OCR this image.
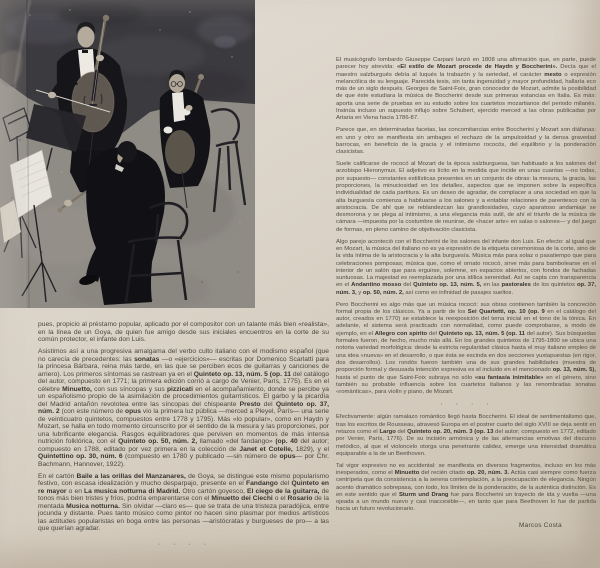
pues, propicio al préstamo popular, aplicado por el compositor con un talante más bien «realista», en la línea de un Goya, de quien fue amigo desde sus iniciales encuentros en la corte de su común protector, el infante don Luis.

Asistimos así a una progresiva amalgama del verbo culto italiano con el modismo español (que no carecía de precedentes: las sonatas —o «ejercicios»— escritas por Domenico Scarlatti para la princesa Bárbara, reina más tarde, en las que se perciben ecos de guitarras y canciones de arriero). Los primeros síntomas se rastrean ya en el Quinteto op. 13, núm. 5 (op. 11 del catálogo del autor, compuesto en 1771; la primera edición corrió a cargo de Venier, París, 1775). Es en el célebre Minuetto, con sus síncopas y sus pizzicati en el acompañamiento, donde se percibe ya un españolismo propio de la asimilación de procedimientos guitarrísticos. El garbo y la picardía del Madrid antañón revolotea entre las síncopas del chispeante Presto del Quinteto op. 37, núm. 2 (con este número de opus vio la primera luz pública —merced a Pleyel, París— una serie de veinticuatro quintetos, compuestos entre 1778 y 1795). Más «lo popular», como en Haydn y Mozart, se halla en todo momento circunscrito por el sentido de la mesura y las proporciones, por una lubrificante elegancia. Rasgos equilibradores que perviven en momentos de más intensa nutrición folklórica, con el Quinteto op. 50, núm. 2, llamado «del fandango» (op. 40 del autor; compuesto en 1788, editado por vez primera en la colección de Janet et Cotelle, 1829), y el Quintettino op. 30, núm. 6 (compuesto en 1780 y publicado —sin número de opus— por Chr. Bachmann, Hannover, 1922).

En el cartón Baile a las orillas del Manzanares, de Goya, se distingue este mismo popularismo festivo, con escasa idealización y mucho desparpajo, presente en el Fandango del Quinteto en re mayor o en La musica notturna di Madrid. Otro cartón goyesco, El ciego de la guitarra, de tonos más bien tristes y fríos, podría emparentarse con el Minuetto dei Ciechi o el Rosario de la mentada Musica notturna. Sin olvidar —claro es— que se trata de una tristeza paradójica, entre jocunda y distante. Pues tanto músico como pintor no hacen sino plasmar por medios artísticos las actitudes popularistas en boga entre las personas —aristócratas y burgueses de pro— a las que querían agradar.

· · · ·

El musicógrafo lombardo Giuseppe Carpani lanzó en 1808 una afirmación que, en parte, puede parecer hoy atrevida: «El estilo de Mozart procede de Haydn y Boccherini». Decía que el maestro salzburgués debía al luqués la trabazón y la seriedad, el carácter mesto o expresión melancólica de su lenguaje. Parecida tesis, sin tanta ingenuidad y mayor profundidad, hallaría eco más de un siglo después. Georges de Saint-Foix, gran conocedor de Mozart, admite la posibilidad de que éste estudiara la música de Boccherini desde sus primeras estancias en Italia. Es más: aporta una serie de pruebas en su estudio sobre los cuartetos mozartianos del periodo milanés. Insinúa incluso un supuesto influjo sobre Schubert, ejercido merced a las obras publicadas por Artaria en Viena hacia 1786-87.

Parece que, en determinadas facetas, las concomitancias entre Boccherini y Mozart son diáfanas: en uno y otro se manifiesta sin ambages el rechazo de la ampulosidad y la densa gravedad barrocas, en beneficio de la gracia y el intimismo rococós, del equilibrio y la ponderación clasicistas.

Suele calificarse de rococó al Mozart de la época salzburguesa, tan habituado a los salones del arzobispo Hieronymus. El adjetivo es lícito en la medida que incide en unas cuantas —no todas, por supuesto— constantes estilísticas presentes en un conjunto de obras: la mesura, la gracia, las proporciones, la minuciosidad en los detalles, aspectos que se imponen sobre la específica individualidad de cada partitura. Es un deseo de agradar, de complacer a una sociedad en que la alta burguesía comienza a habituarse a los salones y a entablar relaciones de parentesco con la aristocracia. De ahí que se reblandezcan las grandiosidades, cuyo aparatoso andamiaje se desmorona y se plega al intimismo, a una elegancia más sutil, de ahí el triunfo de la música de cámara —impuesta por la costumbre de reunirse, de «hacer arte» en salas o salones— y del juego de formas, en pleno camino de objetivación clasicista.

Algo parejo aconteció con el Boccherini de los salones del infante don Luis. En efecto: al igual que en Mozart, la música del italiano no es ya expresión de la etiqueta ceremoniosa de la corte, sino de la vida íntima de la aristocracia y la alta burguesía. Música más para solaz o pasatiempo que para celebraciones pomposas; música que, como el ornato rococó, sirve más para bambolearse en el interior de un salón que para erguirse, solemne, en espacios abiertos, con fondos de fachadas suntuosas. La majestad es reemplazada por una idílica serenidad. Así se capta con transparencia en el Andantino mosso del Quinteto op. 13, núm. 5, en las pastorales de los quintetos op. 37, núm. 3, y op. 50, núm. 2, así como en infinidad de pasajes sueltos.

Pero Boccherini es algo más que un música rococó: sus obras contienen también la concreción formal propia de los clásicos. Ya a partir de los Sei Quartetti, op. 10 (op. 9 en el catálogo del autor, creados en 1770) se establece la reexposición del tema inicial en el tono de la tónica. En adelante, el sistema será practicado con normalidad, como puede comprobarse, a modo de ejemplo, en el Allegro con spirito del Quinteto op. 13, núm. 5 (op. 11 del autor). Sus búsquedas formales fueron, de hecho, mucho más allá. En los grandes quintetos de 1795-1800 se ubica una notoria variedad morfológica: desde la estricta regularidad clásica hasta el muy italiano empleo de una idea «nueva» en el desarrollo, o que ésta se escinda en dos secciones yuxtapuestas (en rigor, dos desarrollos). Los rondós fueron también una de sus grandes habilidades (muestra de proporción formal y desusada intención expresiva es el incluido en el mencionado op. 13, núm. 5), hasta el punto de que Saint-Foix subraya no sólo «su fantasía inimitable» en el género, sino también su probable influencia sobre los cuartetos italianos y las renombradas sonatas «románticas», para violín y piano, de Mozart.

· · · ·

Efectivamente: algún ramalazo romántico llegó hasta Boccherini. El ideal de sentimentalismo que, tras los escritos de Rousseau, atravesó Europa en el postrer cuarto del siglo XVIII se deja sentir en retazos como el Largo del Quinteto op. 20, núm. 3 (op. 13 del autor; compuesto en 1772, editado por Venier, París, 1776). De su incisión armónica y de las alternancias emotivas del discurso melódico, al que el violoncelo otorga una penetrante calidez, emerge una intensidad dramática equiparable a la de un Beethoven.

Tal vigor expresivo no es accidental: se manifiesta en diversos fragmentos, incluso en los más inesperados, como el Minuetto del recién citado op. 20, núm. 3. Actúa casi siempre como fuerza centrípeta que da consistencia a la serena contemplación, a la preocupación de elegancia. Ningún acento dramático sobrepasa, con todo, los límites de la ponderación, de la auténtica distinción. Es en este sentido que el Sturm und Drang fue para Boccherini un trayecto de ida y vuelta —una ojeada a un mundo nuevo y casi inaccesible—, en tanto que para Beethoven lo fue de partida hacia un futuro revolucionario.

Marcos Costa
